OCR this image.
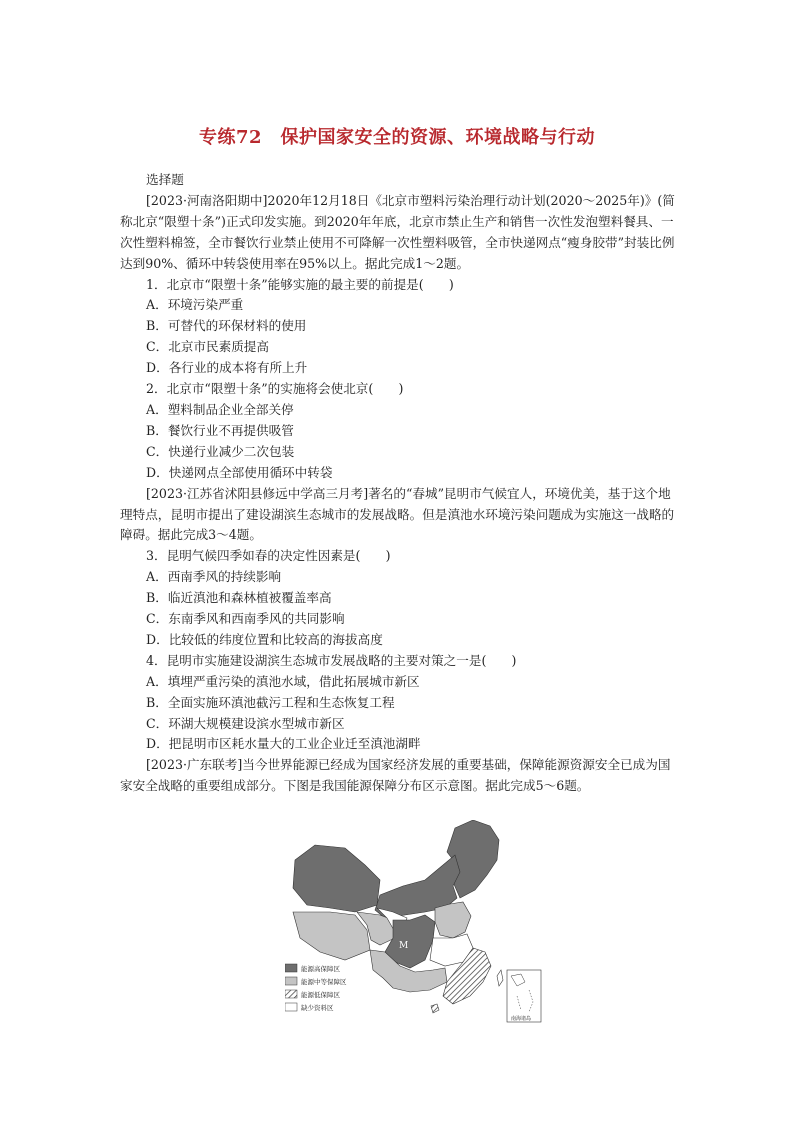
专练72　保护国家安全的资源、环境战略与行动

选择题

[2023·河南洛阳期中]2020年12月18日《北京市塑料污染治理行动计划(2020～2025年)》(简称北京“限塑十条”)正式印发实施。到2020年年底，北京市禁止生产和销售一次性发泡塑料餐具、一次性塑料棉签，全市餐饮行业禁止使用不可降解一次性塑料吸管，全市快递网点“瘦身胶带”封装比例达到90%、循环中转袋使用率在95%以上。据此完成1～2题。

1．北京市“限塑十条”能够实施的最主要的前提是(　　)

A．环境污染严重

B．可替代的环保材料的使用

C．北京市民素质提高

D．各行业的成本将有所上升

2．北京市“限塑十条”的实施将会使北京(　　)

A．塑料制品企业全部关停

B．餐饮行业不再提供吸管

C．快递行业减少二次包装

D．快递网点全部使用循环中转袋

[2023·江苏省沭阳县修远中学高三月考]著名的“春城”昆明市气候宜人，环境优美，基于这个地理特点，昆明市提出了建设湖滨生态城市的发展战略。但是滇池水环境污染问题成为实施这一战略的障碍。据此完成3～4题。

3．昆明气候四季如春的决定性因素是(　　)

A．西南季风的持续影响

B．临近滇池和森林植被覆盖率高

C．东南季风和西南季风的共同影响

D．比较低的纬度位置和比较高的海拔高度

4．昆明市实施建设湖滨生态城市发展战略的主要对策之一是(　　)

A．填埋严重污染的滇池水域，借此拓展城市新区

B．全面实施环滇池截污工程和生态恢复工程

C．环湖大规模建设滨水型城市新区

D．把昆明市区耗水量大的工业企业迁至滇池湖畔

[2023·广东联考]当今世界能源已经成为国家经济发展的重要基础，保障能源资源安全已成为国家安全战略的重要组成部分。下图是我国能源保障分布区示意图。据此完成5～6题。

M
能源高保障区
能源中等保障区
能源低保障区
缺少资料区
南海诸岛
